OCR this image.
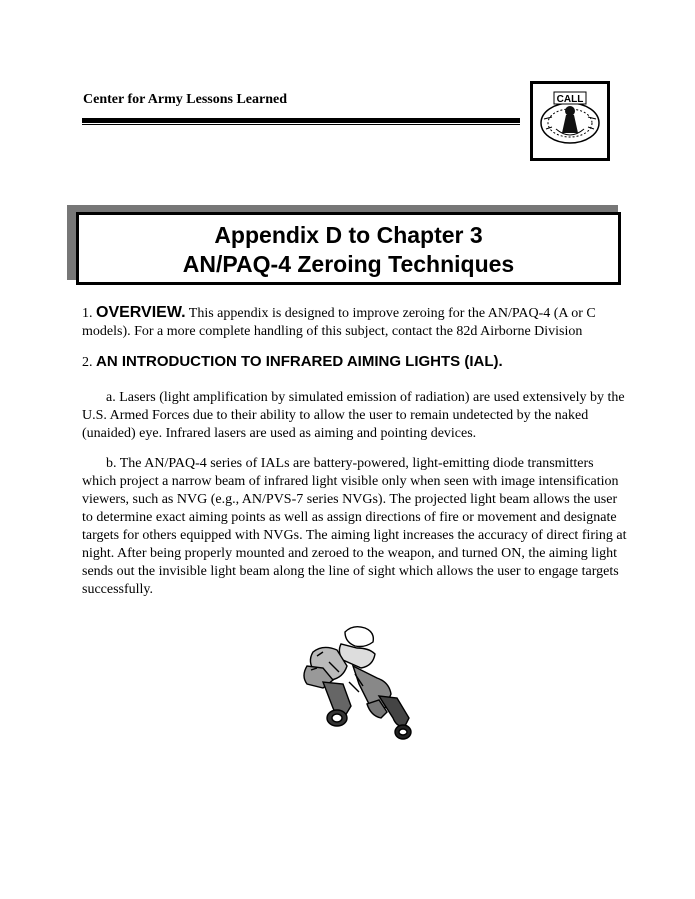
Center for Army Lessons Learned	CALL
Appendix D to Chapter 3
AN/PAQ-4 Zeroing Techniques
1. OVERVIEW. This appendix is designed to improve zeroing for the AN/PAQ-4 (A or C models). For a more complete handling of this subject, contact the 82d Airborne Division
2. AN INTRODUCTION TO INFRARED AIMING LIGHTS (IAL).
a. Lasers (light amplification by simulated emission of radiation) are used extensively by the U.S. Armed Forces due to their ability to allow the user to remain undetected by the naked (unaided) eye. Infrared lasers are used as aiming and pointing devices.
b. The AN/PAQ-4 series of IALs are battery-powered, light-emitting diode transmitters which project a narrow beam of infrared light visible only when seen with image intensification viewers, such as NVG (e.g., AN/PVS-7 series NVGs). The projected light beam allows the user to determine exact aiming points as well as assign directions of fire or movement and designate targets for others equipped with NVGs. The aiming light increases the accuracy of direct firing at night. After being properly mounted and zeroed to the weapon, and turned ON, the aiming light sends out the invisible light beam along the line of sight which allows the user to engage targets successfully.
